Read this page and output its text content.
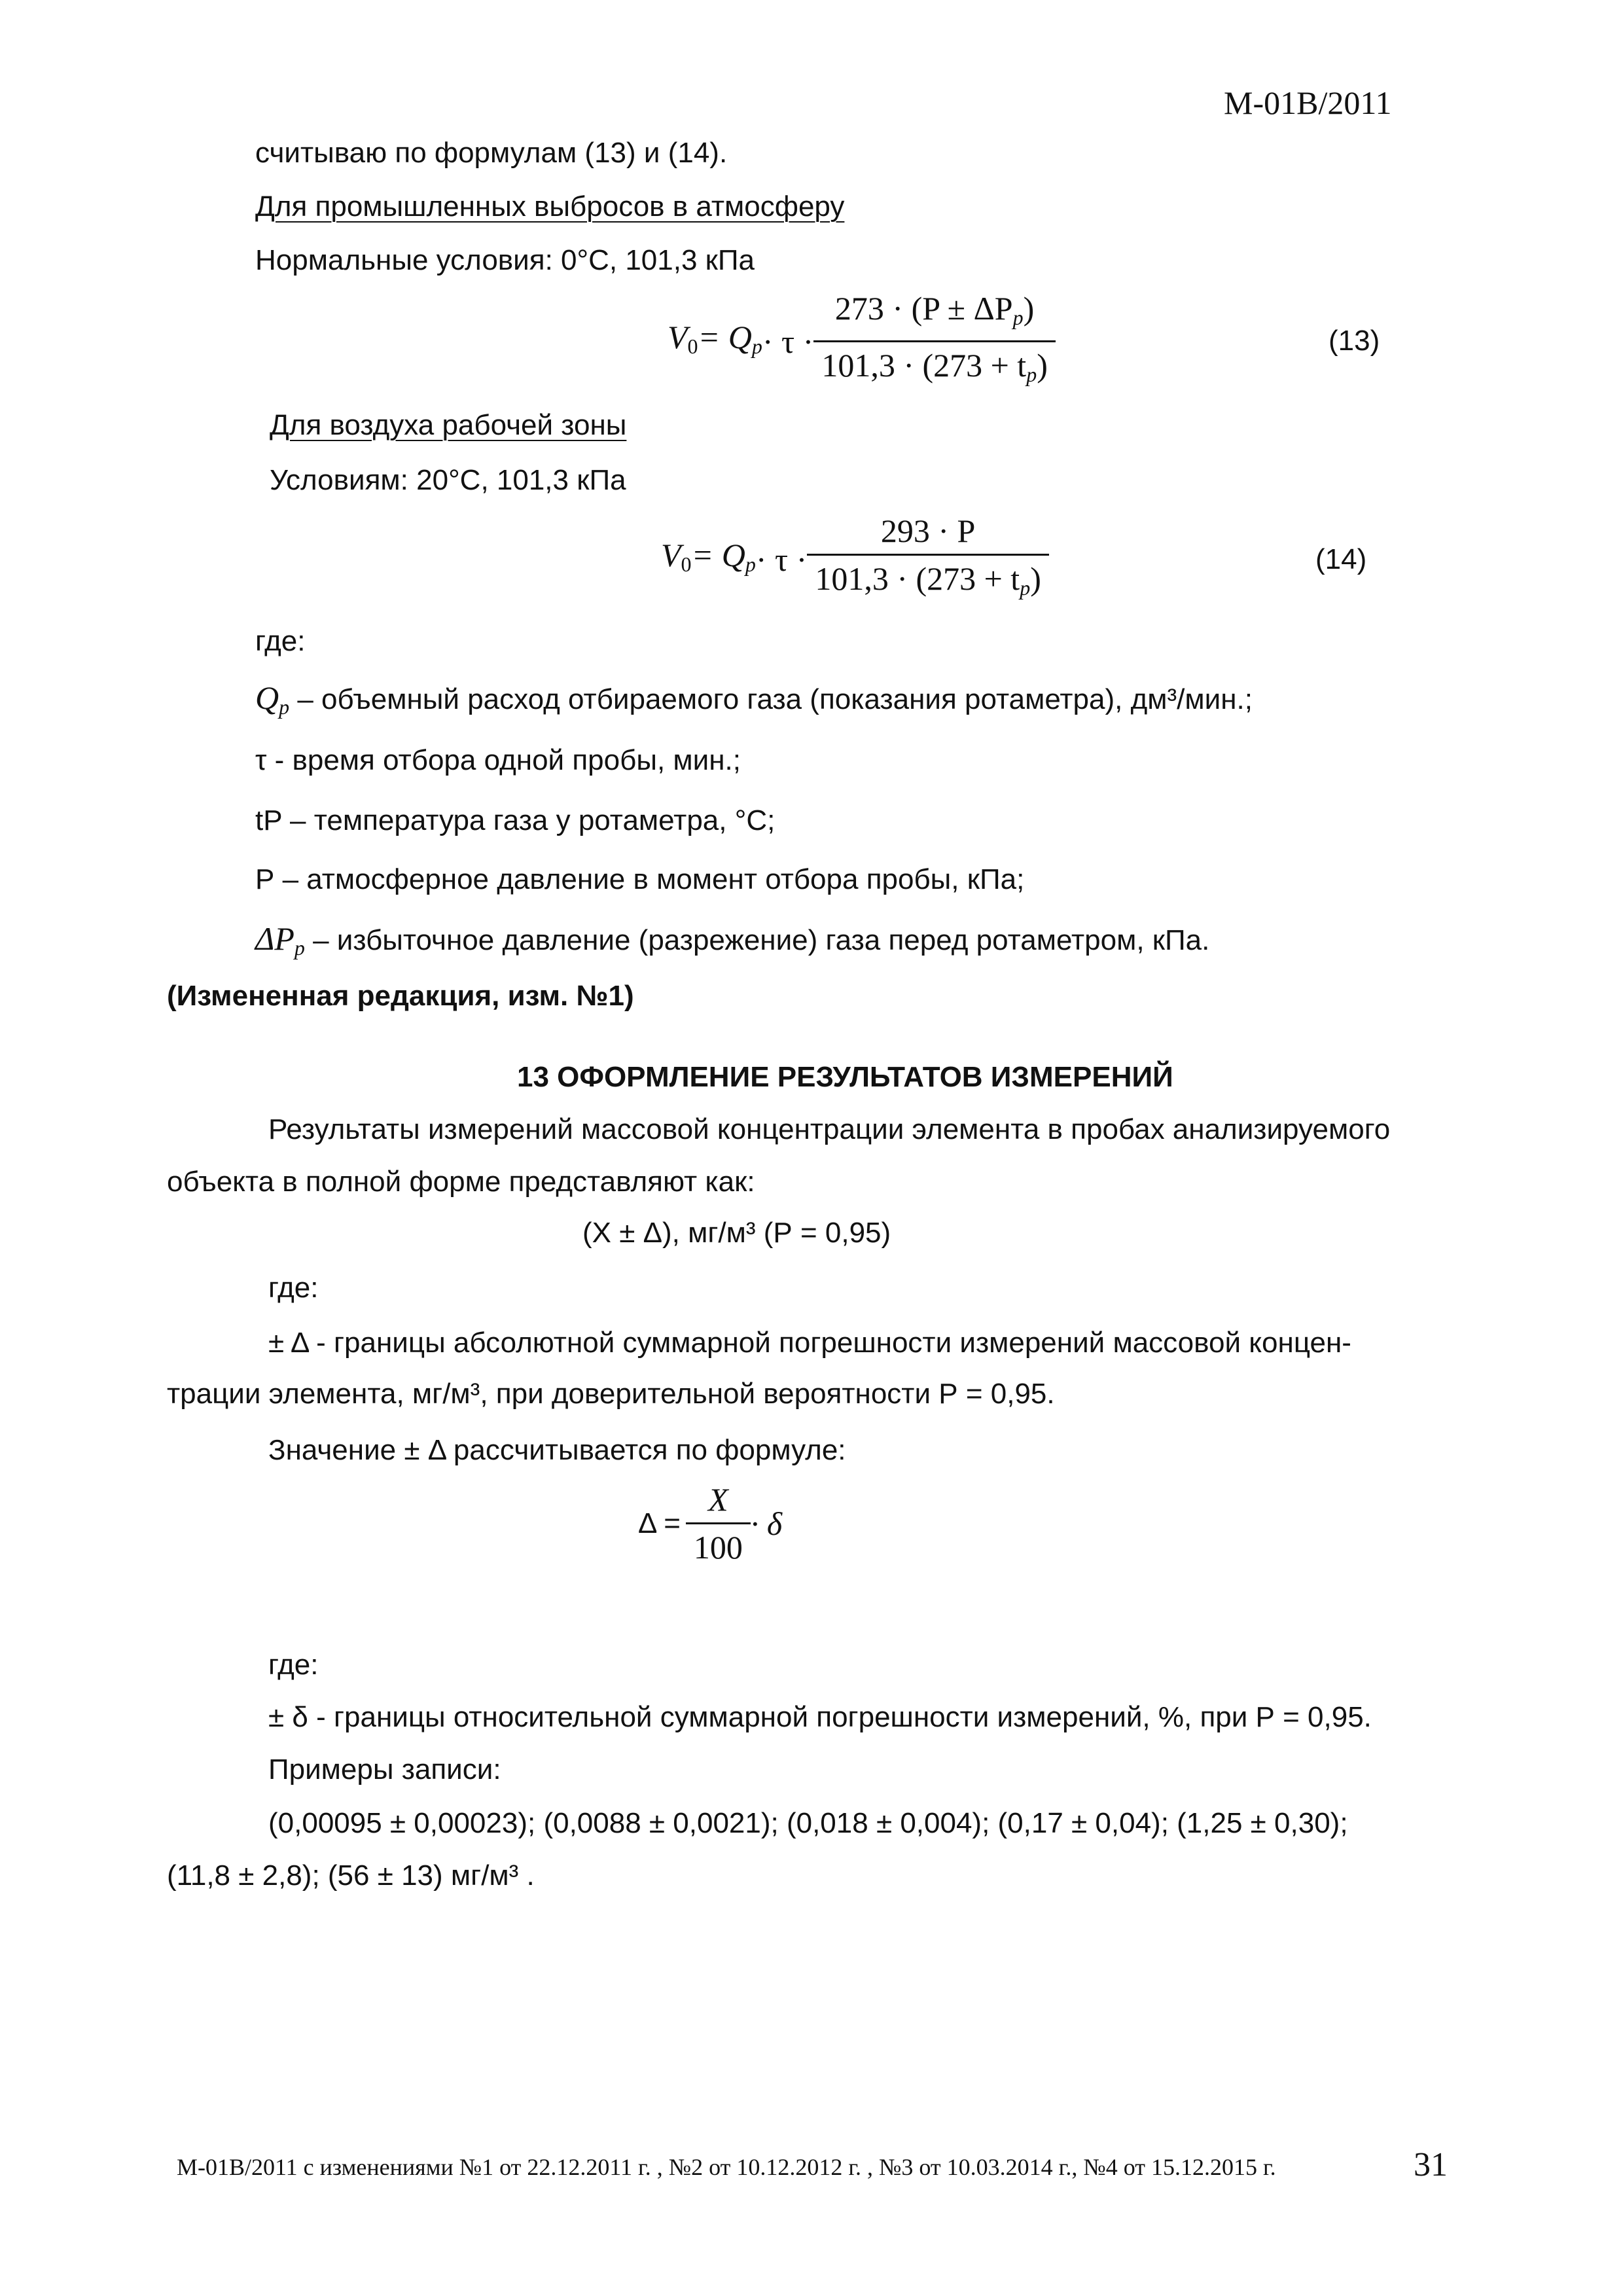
М-01В/2011
считываю по формулам (13) и (14).
Для промышленных выбросов в атмосферу
Нормальные условия: 0°С, 101,3 кПа
$V_0 = Q_p \cdot \tau \cdot \frac{273 \cdot (P \pm \Delta P_p)}{101,3 \cdot (273 + t_p)}$	(13)
Для воздуха рабочей зоны
Условиям: 20°С, 101,3 кПа
$V_0 = Q_p \cdot \tau \cdot \frac{293 \cdot P}{101,3 \cdot (273 + t_p)}$	(14)
где:
$Q_p$ – объемный расход отбираемого газа (показания ротаметра), дм³/мин.;
τ - время отбора одной пробы, мин.;
tP – температура газа у ротаметра, °С;
Р – атмосферное давление в момент отбора пробы, кПа;
$\Delta P_p$ – избыточное давление (разрежение) газа перед ротаметром, кПа.
(Измененная редакция, изм. №1)
13 ОФОРМЛЕНИЕ РЕЗУЛЬТАТОВ ИЗМЕРЕНИЙ
Результаты измерений массовой концентрации элемента в пробах анализируемого
объекта в полной форме представляют как:
(Х ± Δ), мг/м³ (Р = 0,95)
где:
± Δ - границы абсолютной суммарной погрешности измерений массовой концен-
трации элемента, мг/м³, при доверительной вероятности Р = 0,95.
Значение ± Δ рассчитывается по формуле:
$\Delta = \frac{X}{100} \cdot \delta$
где:
± δ - границы относительной суммарной погрешности измерений, %, при Р = 0,95.
Примеры записи:
(0,00095 ± 0,00023); (0,0088 ± 0,0021); (0,018 ± 0,004); (0,17 ± 0,04); (1,25 ± 0,30);
(11,8 ± 2,8); (56 ± 13) мг/м³ .
М-01В/2011 с изменениями №1 от 22.12.2011 г. , №2 от 10.12.2012 г. , №3 от 10.03.2014 г., №4 от 15.12.2015 г.	31
